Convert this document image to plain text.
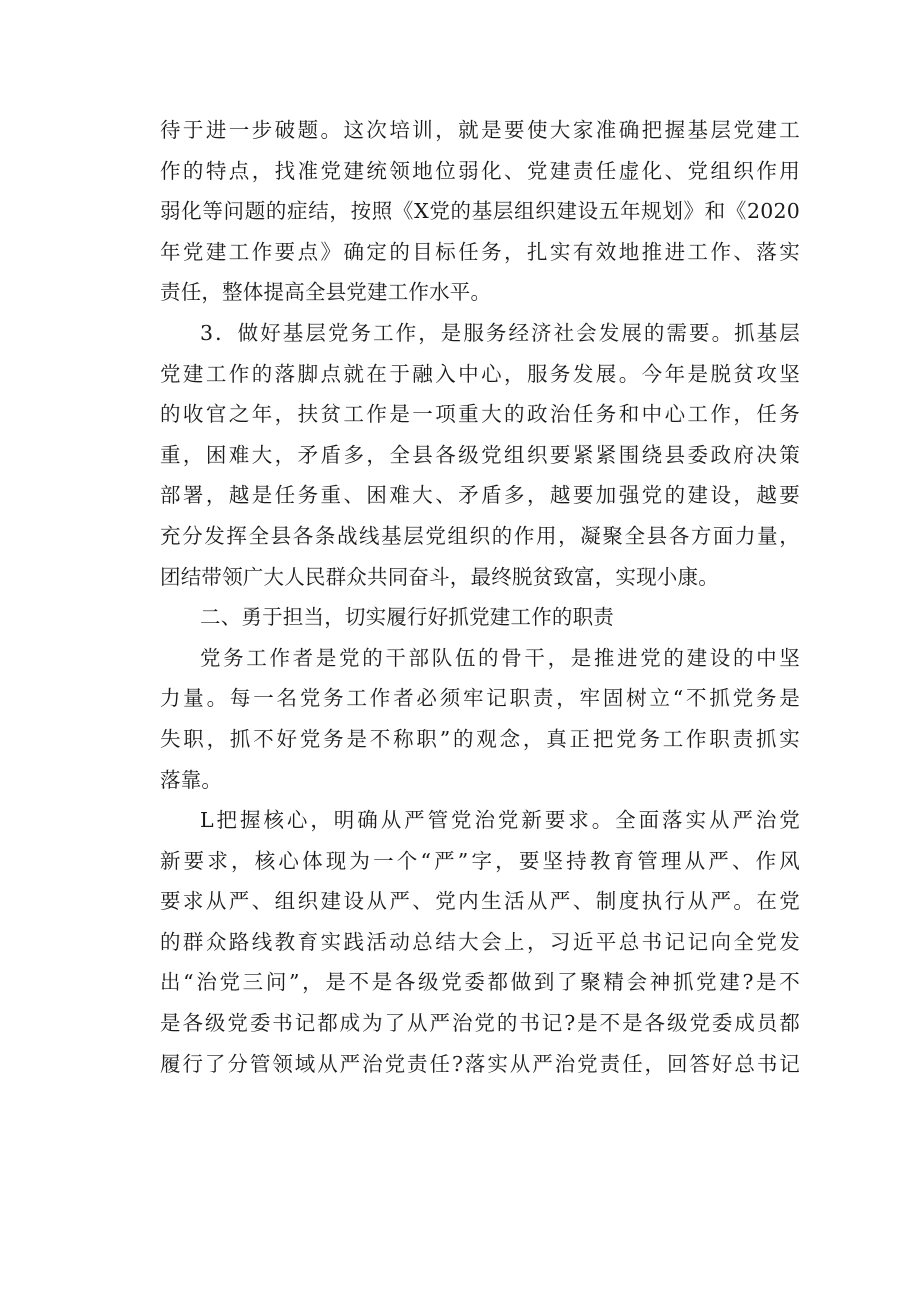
待于进一步破题。这次培训，就是要使大家准确把握基层党建工
作的特点，找准党建统领地位弱化、党建责任虚化、党组织作用
弱化等问题的症结，按照《X党的基层组织建设五年规划》和《2020
年党建工作要点》确定的目标任务，扎实有效地推进工作、落实
责任，整体提高全县党建工作水平。
3．做好基层党务工作，是服务经济社会发展的需要。抓基层
党建工作的落脚点就在于融入中心，服务发展。今年是脱贫攻坚
的收官之年，扶贫工作是一项重大的政治任务和中心工作，任务
重，困难大，矛盾多，全县各级党组织要紧紧围绕县委政府决策
部署，越是任务重、困难大、矛盾多，越要加强党的建设，越要
充分发挥全县各条战线基层党组织的作用，凝聚全县各方面力量，
团结带领广大人民群众共同奋斗，最终脱贫致富，实现小康。
二、勇于担当，切实履行好抓党建工作的职责
党务工作者是党的干部队伍的骨干，是推进党的建设的中坚
力量。每一名党务工作者必须牢记职责，牢固树立“不抓党务是
失职，抓不好党务是不称职”的观念，真正把党务工作职责抓实
落靠。
L把握核心，明确从严管党治党新要求。全面落实从严治党
新要求，核心体现为一个“严”字，要坚持教育管理从严、作风
要求从严、组织建设从严、党内生活从严、制度执行从严。在党
的群众路线教育实践活动总结大会上，习近平总书记记向全党发
出“治党三问”，是不是各级党委都做到了聚精会神抓党建?是不
是各级党委书记都成为了从严治党的书记?是不是各级党委成员都
履行了分管领域从严治党责任?落实从严治党责任，回答好总书记
